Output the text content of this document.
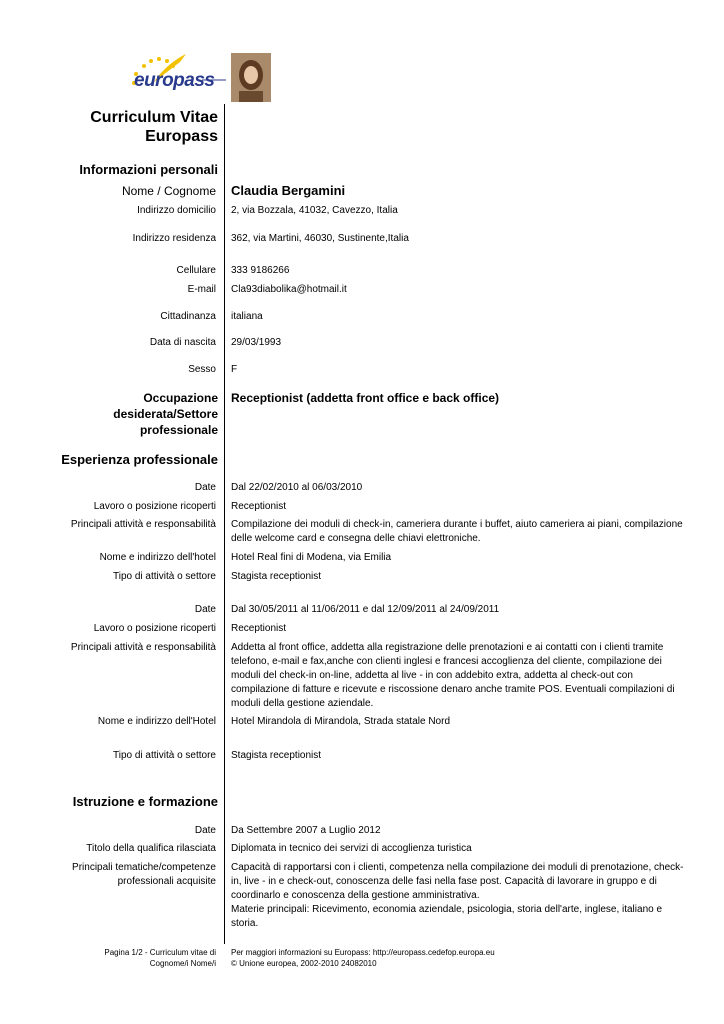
europass
Curriculum Vitae
Europass
Informazioni personali
Nome / Cognome Claudia Bergamini
Indirizzo domicilio 2, via Bozzala, 41032, Cavezzo, Italia
Indirizzo residenza 362, via Martini, 46030, Sustinente,Italia
Cellulare 333 9186266
E-mail Cla93diabolika@hotmail.it
Cittadinanza italiana
Data di nascita 29/03/1993
Sesso F
Occupazione
desiderata/Settore
professionale
Receptionist (addetta front office e back office)
Esperienza professionale
Date Dal 22/02/2010 al 06/03/2010
Lavoro o posizione ricoperti Receptionist
Principali attività e responsabilità Compilazione dei moduli di check-in, cameriera durante i buffet, aiuto cameriera ai piani, compilazione
delle welcome card e consegna delle chiavi elettroniche.
Nome e indirizzo dell'hotel Hotel Real fini di Modena, via Emilia
Tipo di attività o settore Stagista receptionist
Date Dal 30/05/2011 al 11/06/2011 e dal 12/09/2011 al 24/09/2011
Lavoro o posizione ricoperti Receptionist
Principali attività e responsabilità Addetta al front office, addetta alla registrazione delle prenotazioni e ai contatti con i clienti tramite
telefono, e-mail e fax,anche con clienti inglesi e francesi accoglienza del cliente, compilazione dei
moduli del check-in on-line, addetta al live - in con addebito extra, addetta al check-out con
compilazione di fatture e ricevute e riscossione denaro anche tramite POS. Eventuali compilazioni di
moduli della gestione aziendale.
Nome e indirizzo dell'Hotel Hotel Mirandola di Mirandola, Strada statale Nord
Tipo di attività o settore Stagista receptionist
Istruzione e formazione
Date Da Settembre 2007 a Luglio 2012
Titolo della qualifica rilasciata Diplomata in tecnico dei servizi di accoglienza turistica
Principali tematiche/competenze
professionali acquisite
Capacità di rapportarsi con i clienti, competenza nella compilazione dei moduli di prenotazione, check-
in, live - in e check-out, conoscenza delle fasi nella fase post. Capacità di lavorare in gruppo e di
coordinarlo e conoscenza della gestione amministrativa.
Materie principali: Ricevimento, economia aziendale, psicologia, storia dell'arte, inglese, italiano e
storia.
Pagina 1/2 - Curriculum vitae di
Cognome/i Nome/i
Per maggiori informazioni su Europass: http://europass.cedefop.europa.eu
© Unione europea, 2002-2010 24082010
